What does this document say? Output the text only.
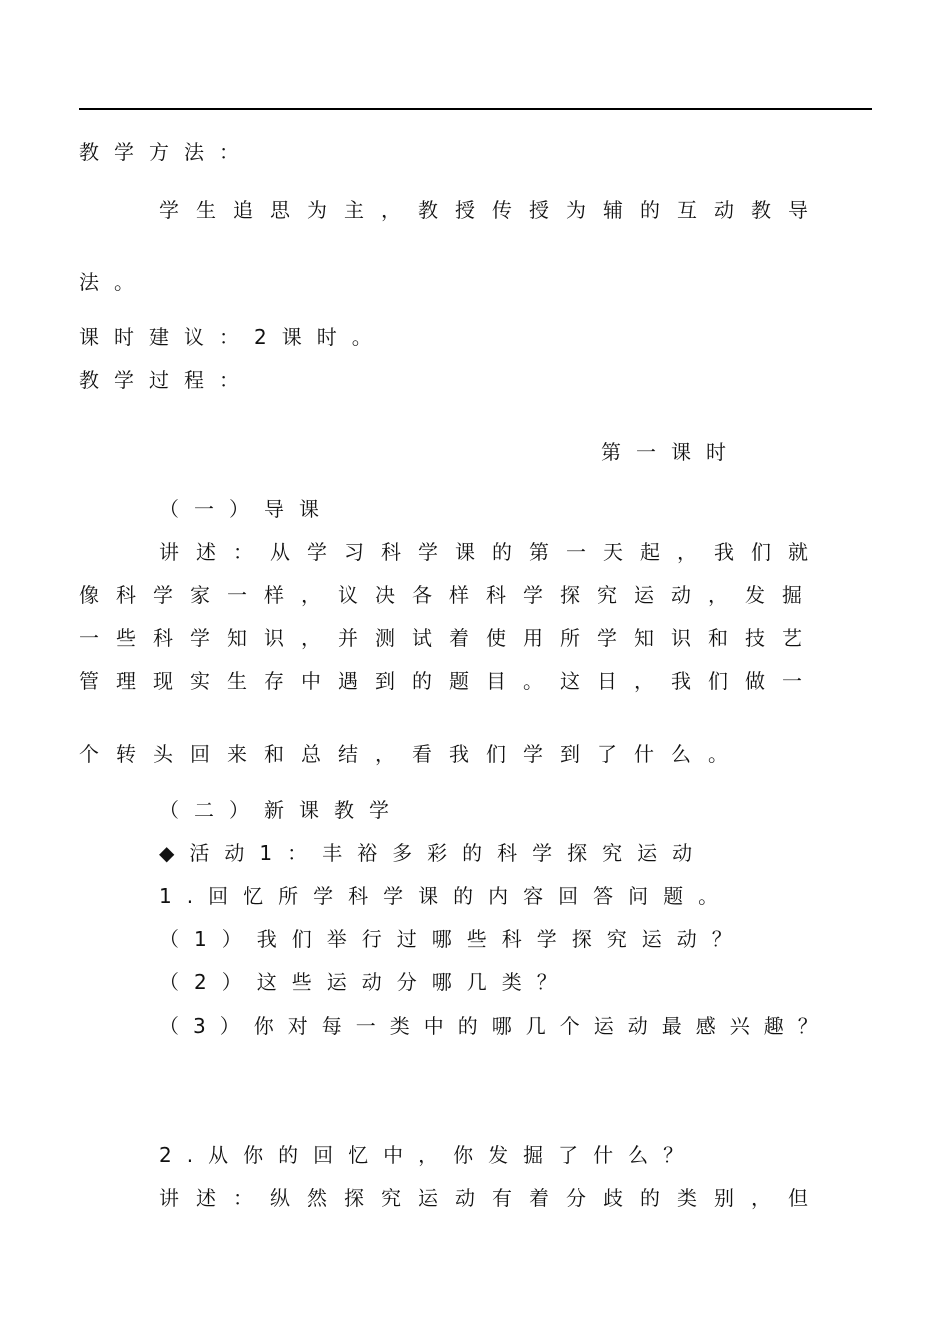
教学方法：
学生追思为主，教授传授为辅的互动教导
法。
课时建议：2课时。
教学过程：
第一课时
（一）导课
讲述：从学习科学课的第一天起，我们就
像科学家一样，议决各样科学探究运动，发掘
一些科学知识，并测试着使用所学知识和技艺
管理现实生存中遇到的题目。这日，我们做一
个转头回来和总结，看我们学到了什么。
（二）新课教学
◆活动1：丰裕多彩的科学探究运动
1.回忆所学科学课的内容回答问题。
（1）我们举行过哪些科学探究运动？
（2）这些运动分哪几类？
（3）你对每一类中的哪几个运动最感兴趣？
2.从你的回忆中，你发掘了什么？
讲述：纵然探究运动有着分歧的类别，但
